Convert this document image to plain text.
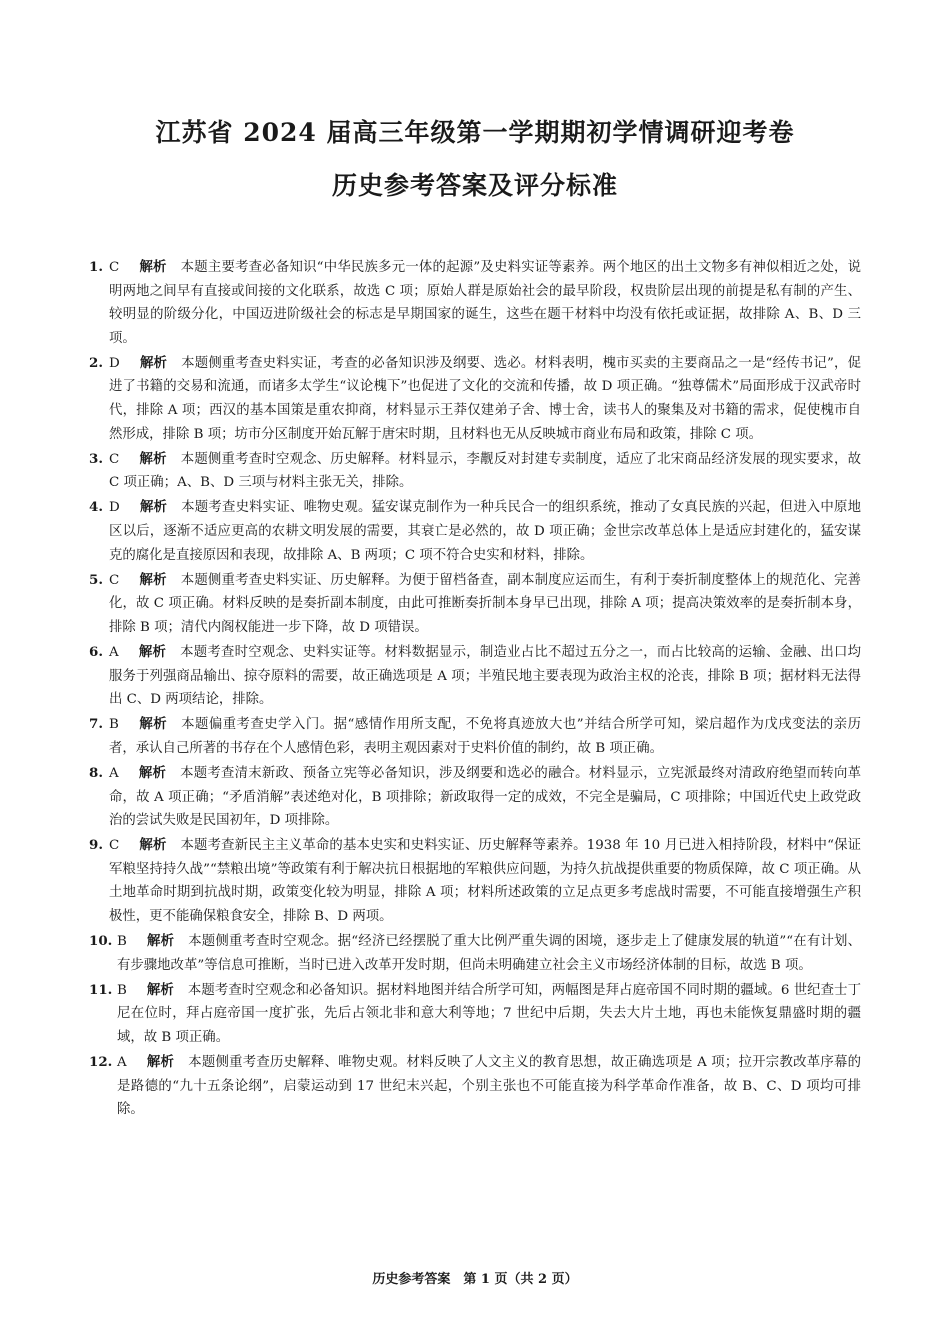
江苏省 2024 届高三年级第一学期期初学情调研迎考卷
历史参考答案及评分标准
1. C 解析 本题主要考查必备知识“中华民族多元一体的起源”及史料实证等素养。两个地区的出土文物多有神似相近之处，说明两地之间早有直接或间接的文化联系，故选 C 项；原始人群是原始社会的最早阶段，权贵阶层出现的前提是私有制的产生、较明显的阶级分化，中国迈进阶级社会的标志是早期国家的诞生，这些在题干材料中均没有依托或证据，故排除 A、B、D 三项。
2. D 解析 本题侧重考查史料实证，考查的必备知识涉及纲要、选必。材料表明，槐市买卖的主要商品之一是“经传书记”，促进了书籍的交易和流通，而诸多太学生“议论槐下”也促进了文化的交流和传播，故 D 项正确。“独尊儒术”局面形成于汉武帝时代，排除 A 项；西汉的基本国策是重农抑商，材料显示王莽仅建弟子舍、博士舍，读书人的聚集及对书籍的需求，促使槐市自然形成，排除 B 项；坊市分区制度开始瓦解于唐宋时期，且材料也无从反映城市商业布局和政策，排除 C 项。
3. C 解析 本题侧重考查时空观念、历史解释。材料显示，李觏反对封建专卖制度，适应了北宋商品经济发展的现实要求，故 C 项正确；A、B、D 三项与材料主张无关，排除。
4. D 解析 本题考查史料实证、唯物史观。猛安谋克制作为一种兵民合一的组织系统，推动了女真民族的兴起，但进入中原地区以后，逐渐不适应更高的农耕文明发展的需要，其衰亡是必然的，故 D 项正确；金世宗改革总体上是适应封建化的，猛安谋克的腐化是直接原因和表现，故排除 A、B 两项；C 项不符合史实和材料，排除。
5. C 解析 本题侧重考查史料实证、历史解释。为便于留档备查，副本制度应运而生，有利于奏折制度整体上的规范化、完善化，故 C 项正确。材料反映的是奏折副本制度，由此可推断奏折制本身早已出现，排除 A 项；提高决策效率的是奏折制本身，排除 B 项；清代内阁权能进一步下降，故 D 项错误。
6. A 解析 本题考查时空观念、史料实证等。材料数据显示，制造业占比不超过五分之一，而占比较高的运输、金融、出口均服务于列强商品输出、掠夺原料的需要，故正确选项是 A 项；半殖民地主要表现为政治主权的沦丧，排除 B 项；据材料无法得出 C、D 两项结论，排除。
7. B 解析 本题偏重考查史学入门。据“感情作用所支配，不免将真迹放大也”并结合所学可知，梁启超作为戊戌变法的亲历者，承认自己所著的书存在个人感情色彩，表明主观因素对于史料价值的制约，故 B 项正确。
8. A 解析 本题考查清末新政、预备立宪等必备知识，涉及纲要和选必的融合。材料显示，立宪派最终对清政府绝望而转向革命，故 A 项正确；“矛盾消解”表述绝对化，B 项排除；新政取得一定的成效，不完全是骗局，C 项排除；中国近代史上政党政治的尝试失败是民国初年，D 项排除。
9. C 解析 本题考查新民主主义革命的基本史实和史料实证、历史解释等素养。1938 年 10 月已进入相持阶段，材料中“保证军粮坚持持久战”“禁粮出境”等政策有利于解决抗日根据地的军粮供应问题，为持久抗战提供重要的物质保障，故 C 项正确。从土地革命时期到抗战时期，政策变化较为明显，排除 A 项；材料所述政策的立足点更多考虑战时需要，不可能直接增强生产积极性，更不能确保粮食安全，排除 B、D 两项。
10. B 解析 本题侧重考查时空观念。据“经济已经摆脱了重大比例严重失调的困境，逐步走上了健康发展的轨道”“在有计划、有步骤地改革”等信息可推断，当时已进入改革开发时期，但尚未明确建立社会主义市场经济体制的目标，故选 B 项。
11. B 解析 本题考查时空观念和必备知识。据材料地图并结合所学可知，两幅图是拜占庭帝国不同时期的疆域。6 世纪查士丁尼在位时，拜占庭帝国一度扩张，先后占领北非和意大利等地；7 世纪中后期，失去大片土地，再也未能恢复鼎盛时期的疆域，故 B 项正确。
12. A 解析 本题侧重考查历史解释、唯物史观。材料反映了人文主义的教育思想，故正确选项是 A 项；拉开宗教改革序幕的是路德的“九十五条论纲”，启蒙运动到 17 世纪末兴起，个别主张也不可能直接为科学革命作准备，故 B、C、D 项均可排除。
历史参考答案　第 1 页（共 2 页）
